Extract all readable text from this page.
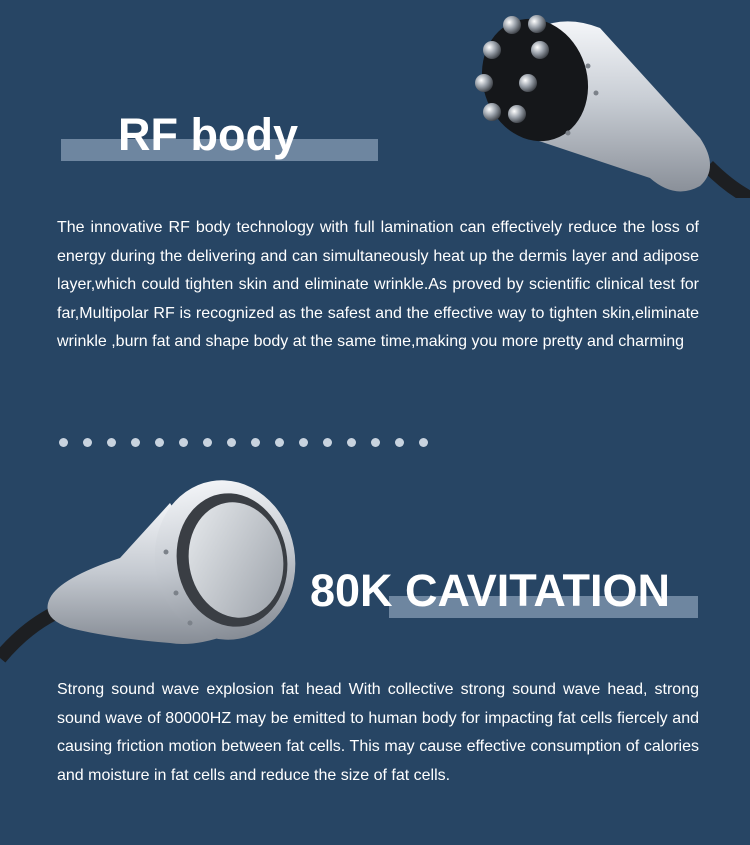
RF body

The innovative RF body technology with full lamination can effectively reduce the loss of energy during the delivering and can simultaneously heat up the dermis layer and adipose layer,which could tighten skin and eliminate wrinkle.As proved by scientific clinical test for far,Multipolar RF is recognized as the safest and the effective way to tighten skin,eliminate wrinkle ,burn fat and shape body at the same time,making you more pretty and charming

80K CAVITATION

Strong sound wave explosion fat head With collective strong sound wave head, strong sound wave of 80000HZ may be emitted to human body for impacting fat cells fiercely and causing friction motion between fat cells. This may cause effective consumption of calories and moisture in fat cells and reduce the size of fat cells.
